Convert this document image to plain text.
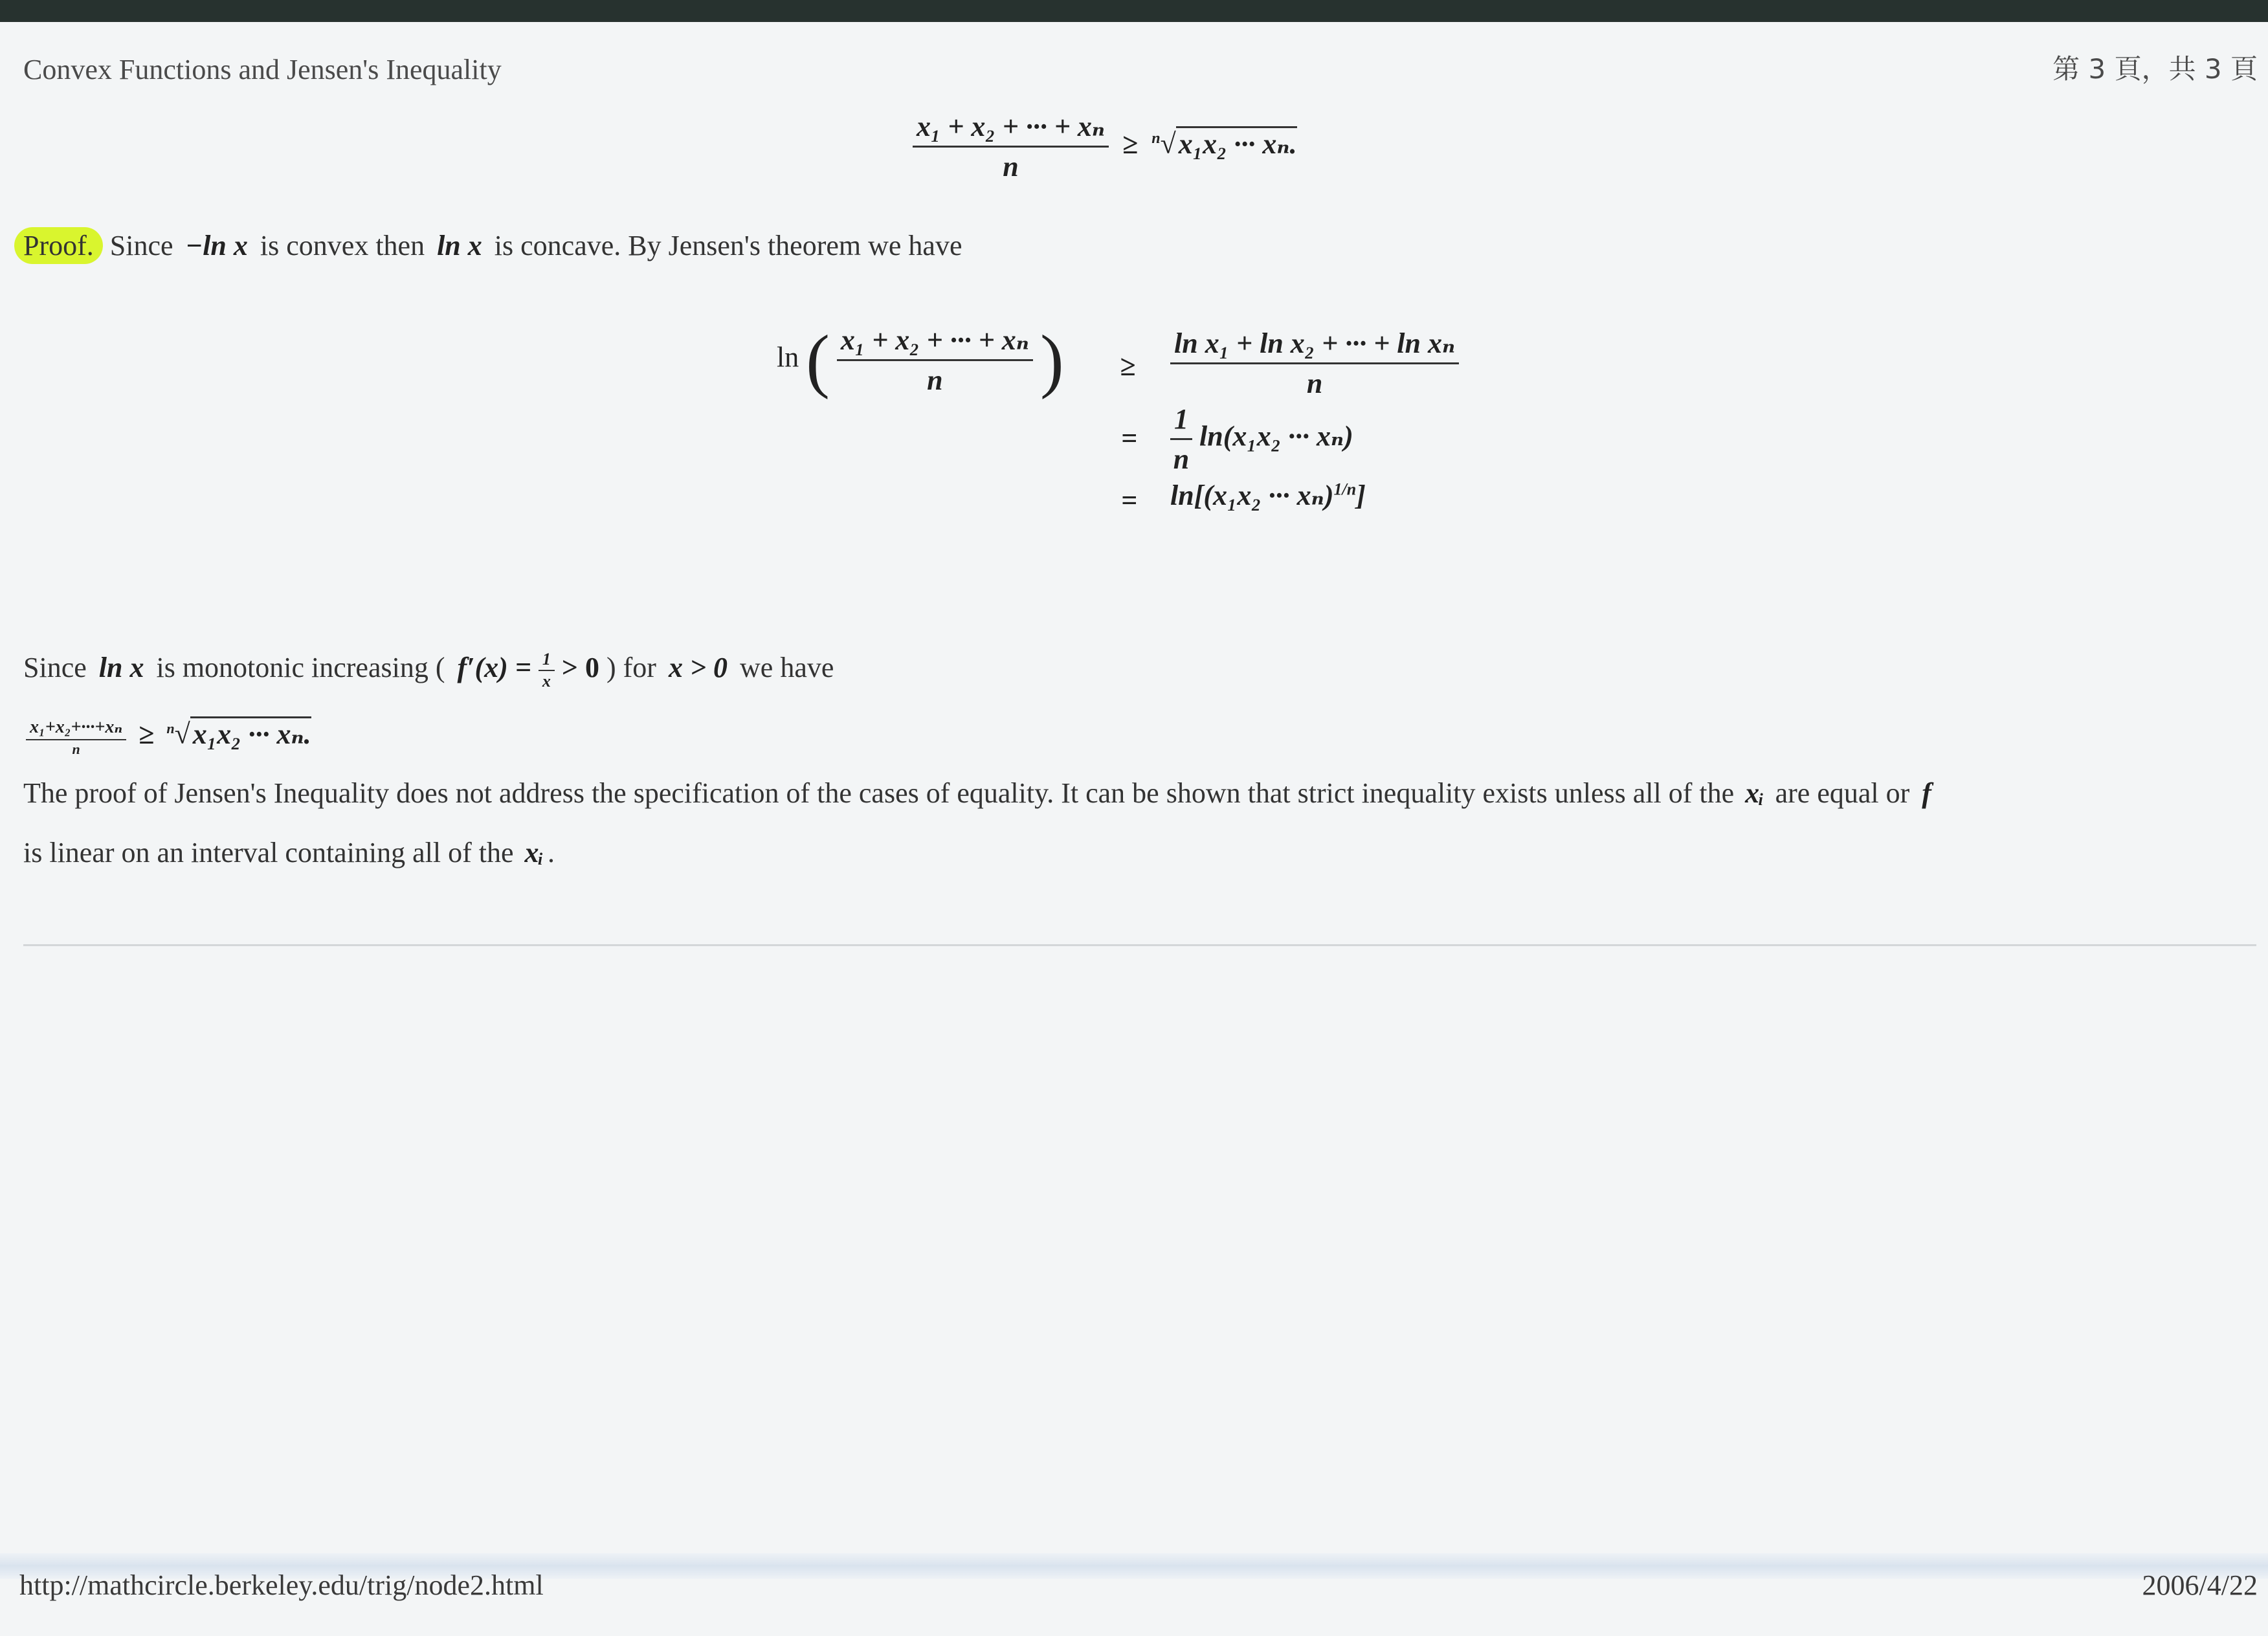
Convex Functions and Jensen's Inequality	第 3 頁，共 3 頁
$\frac{\text{x₁ + x₂ + ··· + xₙ}}{n} \ge ^n√x_1x_2$ ··· xₙ.
Proof. Since −ln x is convex then ln x is concave. By Jensen's theorem we have
ln ( $\frac{\text{x₁ + x₂ + ··· + xₙ}}{n}$ ) ≥ $\frac{\text{ln x₁ + ln x₂ + ··· + ln xₙ}}{n}$
= $\frac{1}{n} \ln(x_1x_2$ ··· xₙ)
= ln[(x₁x₂ ··· xₙ)$^{1/n}$]
Since ln x is monotonic increasing ( $f'(x) = \frac{1}{x} > 0$ ) for x > 0 we have
$\frac{\text{x₁+x₂+···+xₙ}}{n} \ge ^n√x_1x_2$ ··· xₙ.
The proof of Jensen's Inequality does not address the specification of the cases of equality. It can be shown that strict inequality exists unless all of the xᵢ are equal or f
is linear on an interval containing all of the xᵢ .
http://mathcircle.berkeley.edu/trig/node2.html	2006/4/22
